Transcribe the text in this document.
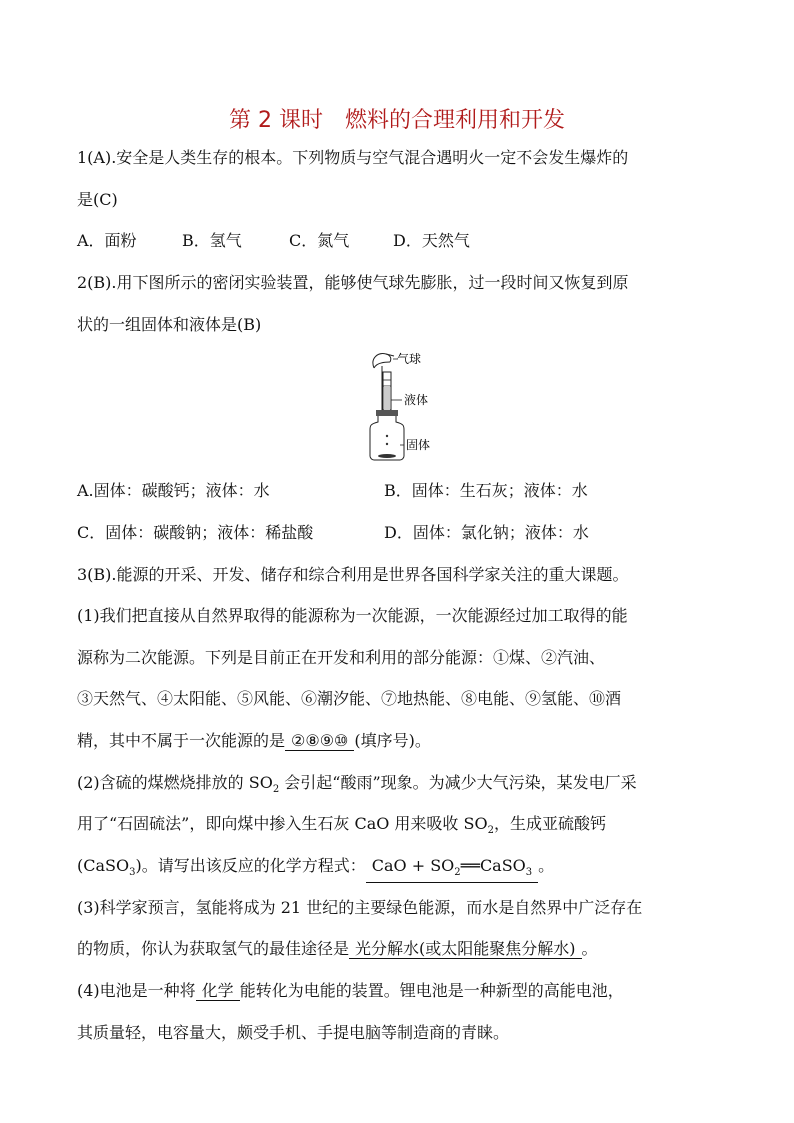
第 2 课时　燃料的合理利用和开发
1(A).安全是人类生存的根本。下列物质与空气混合遇明火一定不会发生爆炸的
是(C)
A．面粉	B．氢气	C．氮气	D．天然气
2(B).用下图所示的密闭实验装置，能够使气球先膨胀，过一段时间又恢复到原
状的一组固体和液体是(B)
气球
液体
固体
A.固体：碳酸钙；液体：水	B．固体：生石灰；液体：水
C．固体：碳酸钠；液体：稀盐酸	D．固体：氯化钠；液体：水
3(B).能源的开采、开发、储存和综合利用是世界各国科学家关注的重大课题。
(1)我们把直接从自然界取得的能源称为一次能源，一次能源经过加工取得的能
源称为二次能源。下列是目前正在开发和利用的部分能源：①煤、②汽油、
③天然气、④太阳能、⑤风能、⑥潮汐能、⑦地热能、⑧电能、⑨氢能、⑩酒
精，其中不属于一次能源的是 ②⑧⑨⑩ (填序号)。
(2)含硫的煤燃烧排放的 $SO_2$ 会引起“酸雨”现象。为减少大气污染，某发电厂采
用了“石固硫法”，即向煤中掺入生石灰 CaO 用来吸收 $SO_2$，生成亚硫酸钙
(CaSO$_3$)。请写出该反应的化学方程式： CaO + $SO_2══CaSO_3$ 。
(3)科学家预言，氢能将成为 21 世纪的主要绿色能源，而水是自然界中广泛存在
的物质，你认为获取氢气的最佳途径是 光分解水(或太阳能聚焦分解水) 。
(4)电池是一种将 化学 能转化为电能的装置。锂电池是一种新型的高能电池，
其质量轻，电容量大，颇受手机、手提电脑等制造商的青睐。
